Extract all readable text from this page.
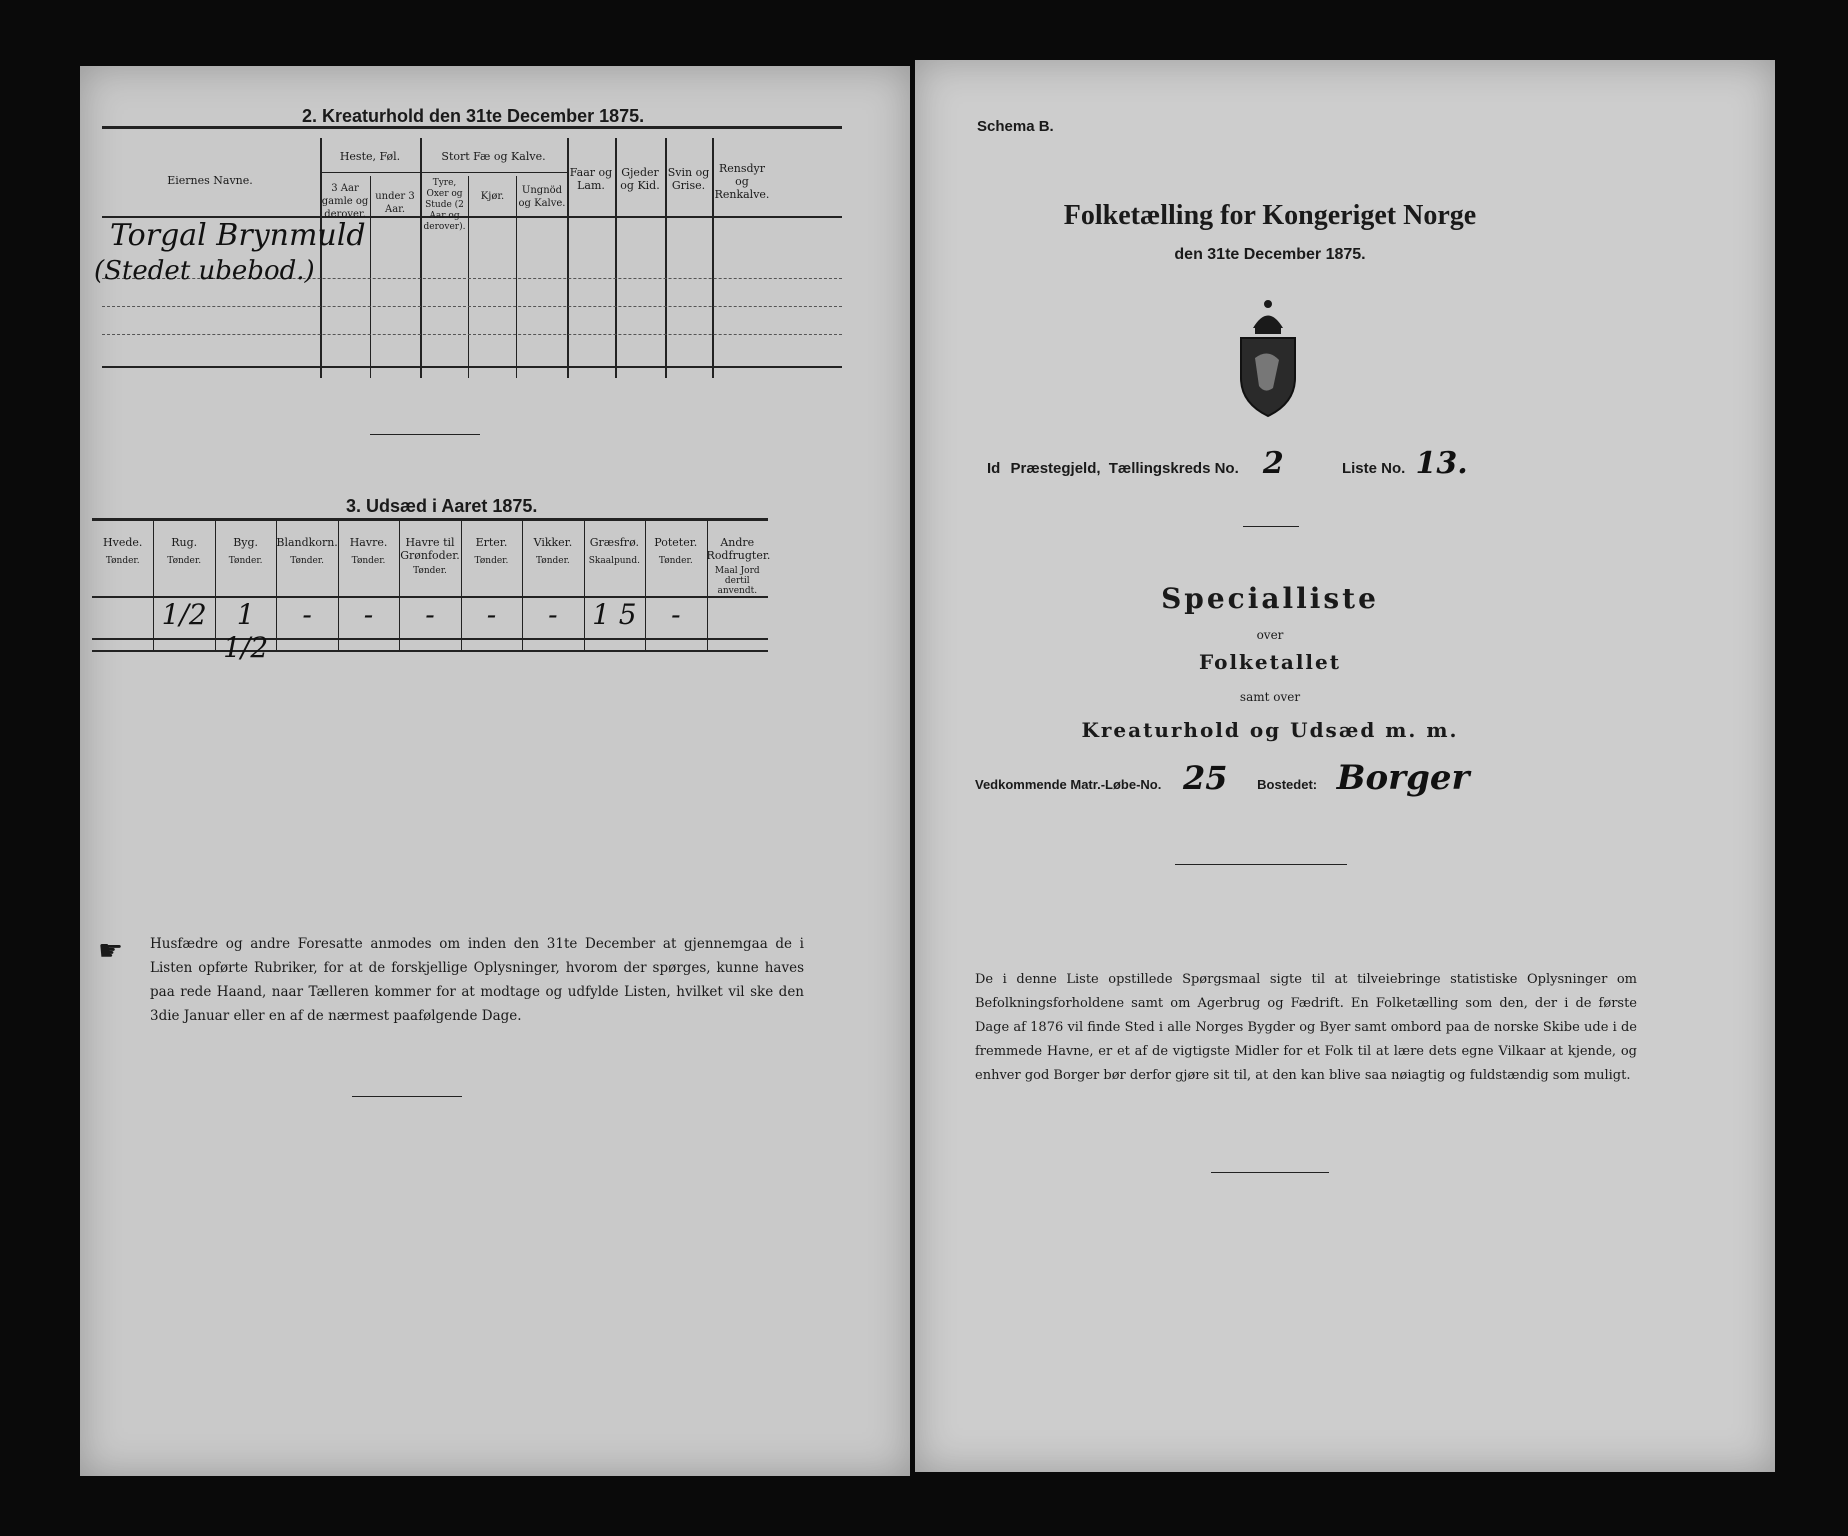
2. Kreaturhold den 31te December 1875.
Eiernes Navne.
Heste, Føl.
3 Aar gamle og derover.
under 3 Aar.
Stort Fæ og Kalve.
Tyre, Oxer og Stude (2 Aar og derover).
Kjør.
Ungnöd og Kalve.
Faar og Lam.
Gjeder og Kid.
Svin og Grise.
Rensdyr og Renkalve.
Torgal Brynmuld
(Stedet ubebod.)
3. Udsæd i Aaret 1875.
☛ Husfædre og andre Foresatte anmodes om inden den 31te December at gjennemgaa de i Listen opførte Rubriker, for at de forskjellige Oplysninger, hvorom der spørges, kunne haves paa rede Haand, naar Tælleren kommer for at modtage og udfylde Listen, hvilket vil ske den 3die Januar eller en af de nærmest paafølgende Dage.
Hvede.
Tønder.
Rug.
Tønder.
1/2
Byg.
Tønder.
1 1/2
Blandkorn.
Tønder.
-
Havre.
Tønder.
-
Havre til Grønfoder.
Tønder.
-
Erter.
Tønder.
-
Vikker.
Tønder.
-
Græsfrø.
Skaalpund.
1 5
Poteter.
Tønder.
-
Andre Rodfrugter.
Maal Jord dertil anvendt.
Schema B.
Folketælling for Kongeriget Norge
den 31te December 1875.
Id Præstegjeld, Tællingskreds No. 2	Liste No. 13.
Specialliste
over
Folketallet
samt over
Kreaturhold og Udsæd m. m.
Vedkommende Matr.-Løbe-No. 25 Bostedet: Borger
De i denne Liste opstillede Spørgsmaal sigte til at tilveiebringe statistiske Oplysninger om Befolkningsforholdene samt om Agerbrug og Fædrift. En Folketælling som den, der i de første Dage af 1876 vil finde Sted i alle Norges Bygder og Byer samt ombord paa de norske Skibe ude i de fremmede Havne, er et af de vigtigste Midler for et Folk til at lære dets egne Vilkaar at kjende, og enhver god Borger bør derfor gjøre sit til, at den kan blive saa nøiagtig og fuldstændig som muligt.
